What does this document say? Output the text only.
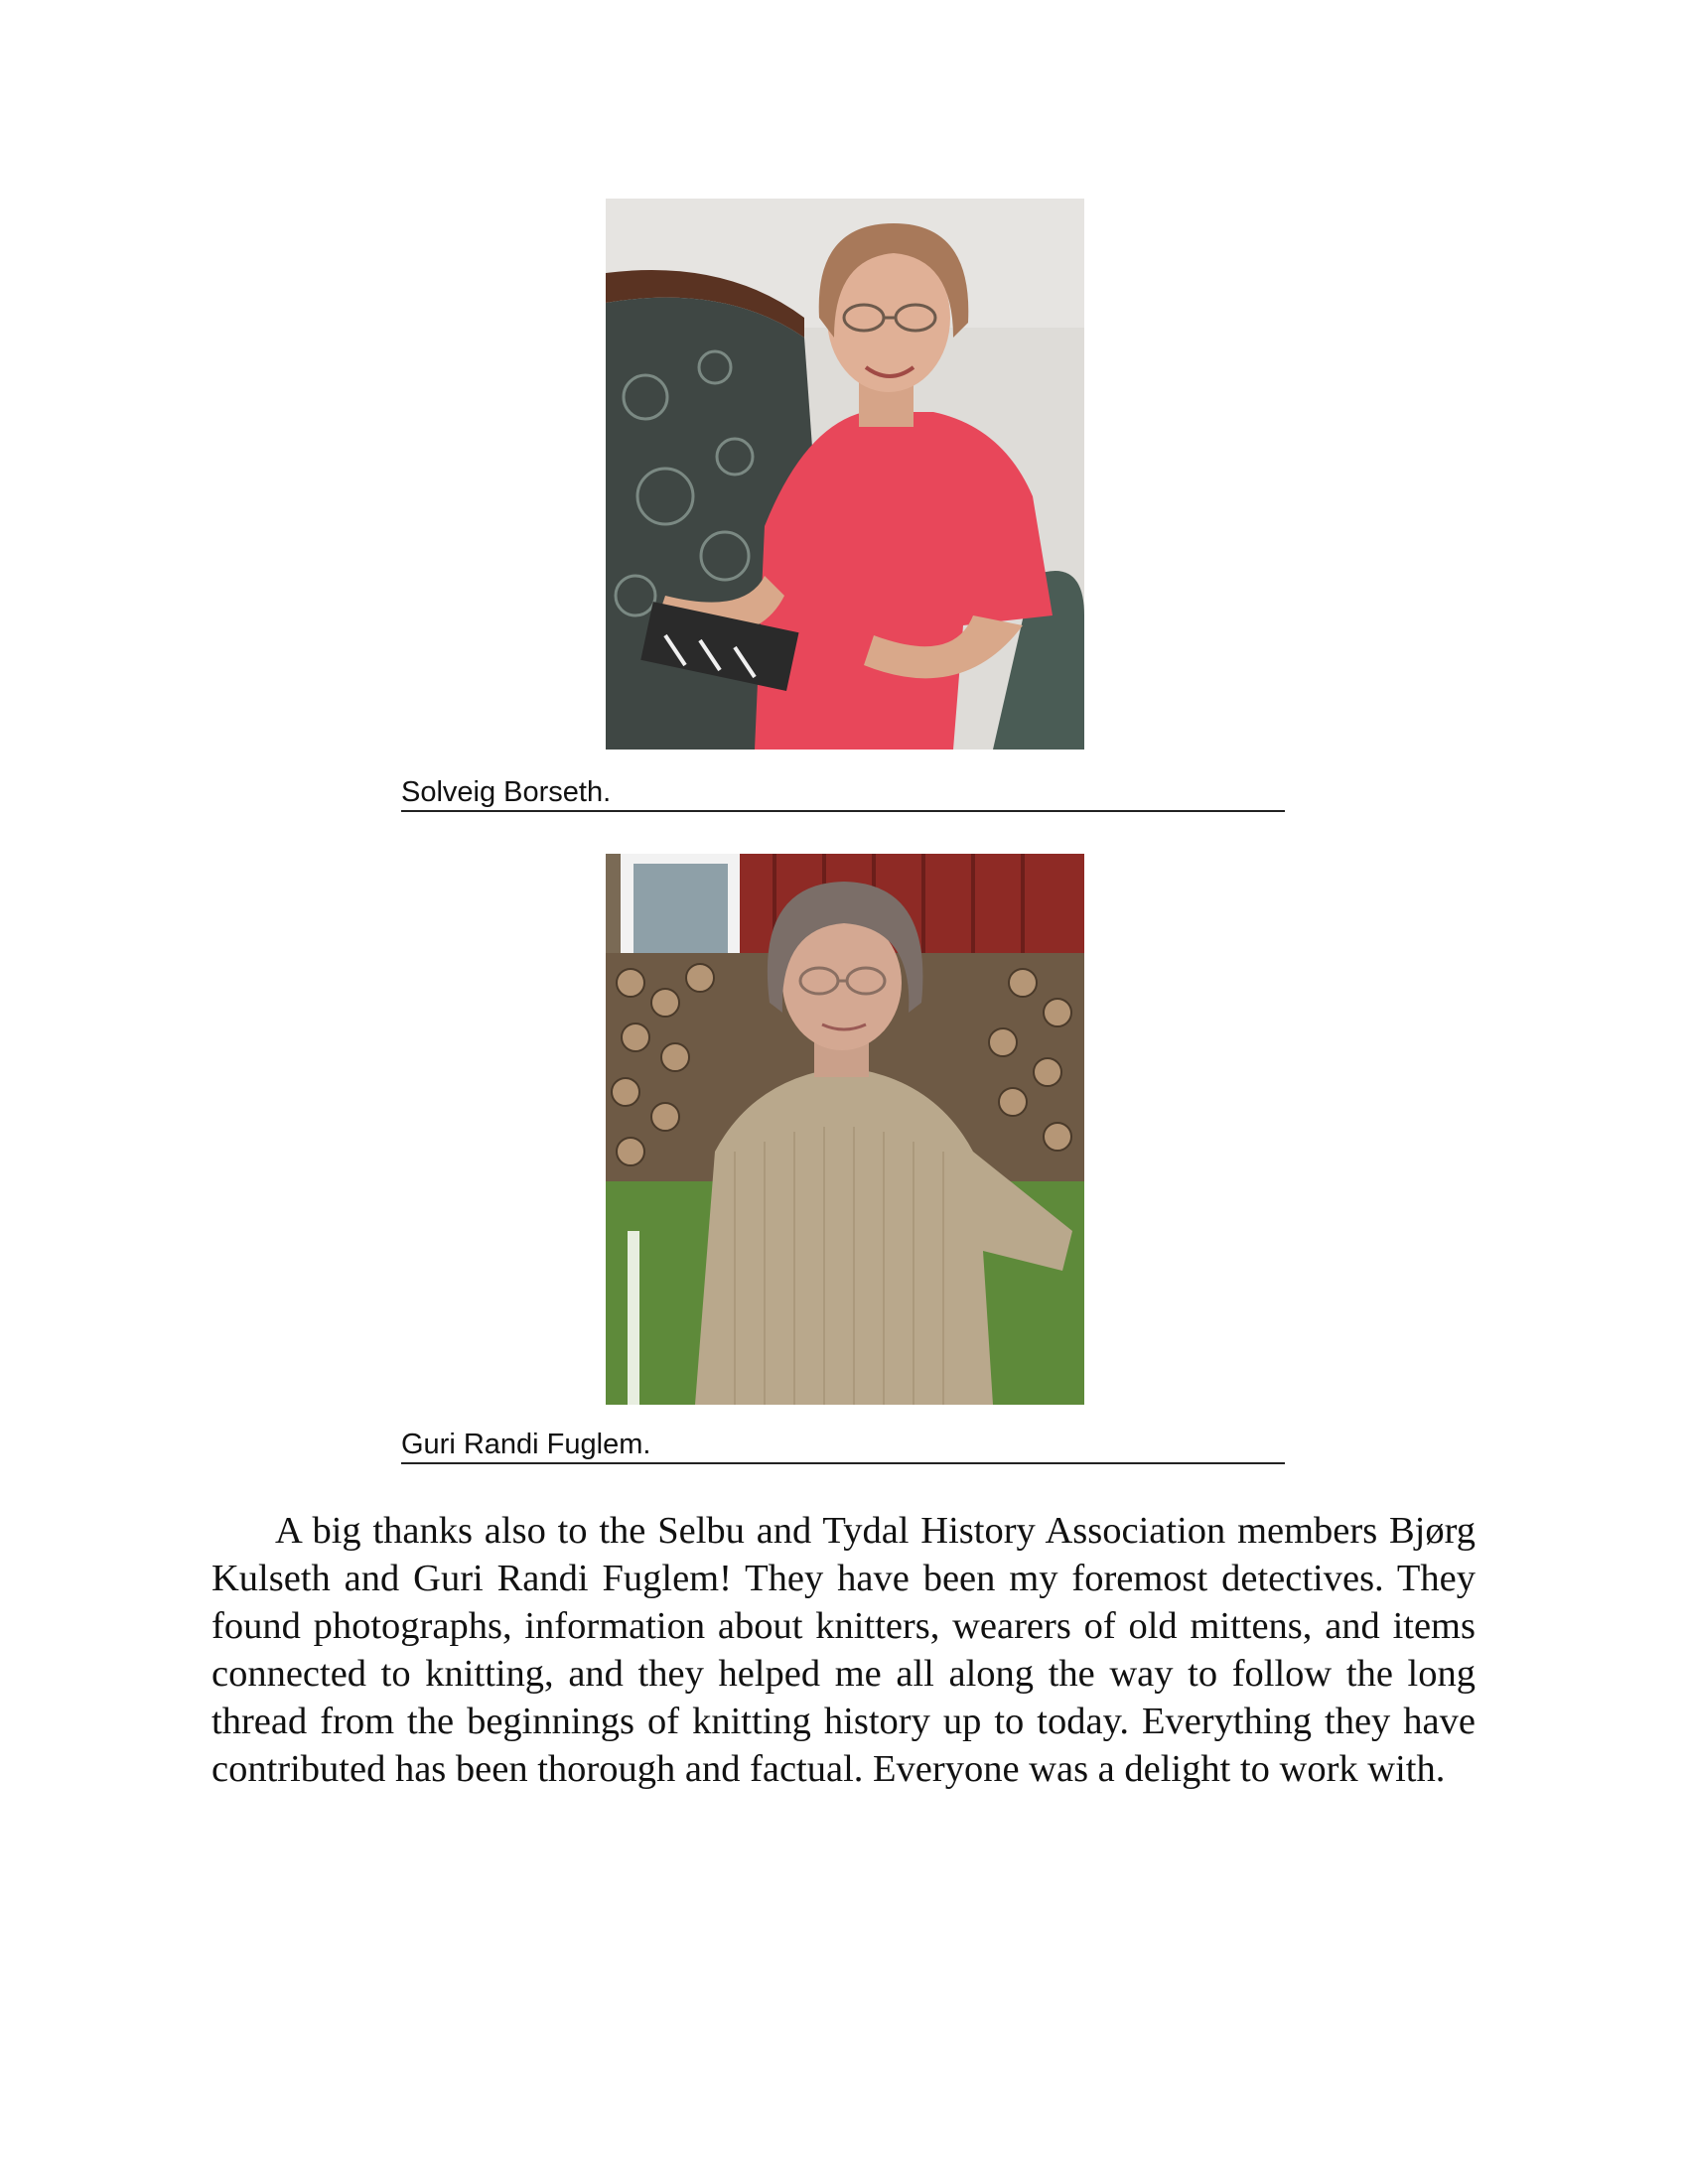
Solveig Borseth.
Guri Randi Fuglem.

A big thanks also to the Selbu and Tydal History Association members Bjørg Kulseth and Guri Randi Fuglem! They have been my foremost detectives. They found photographs, information about knitters, wearers of old mittens, and items connected to knitting, and they helped me all along the way to follow the long thread from the beginnings of knitting history up to today. Everything they have contributed has been thorough and factual. Everyone was a delight to work with.
